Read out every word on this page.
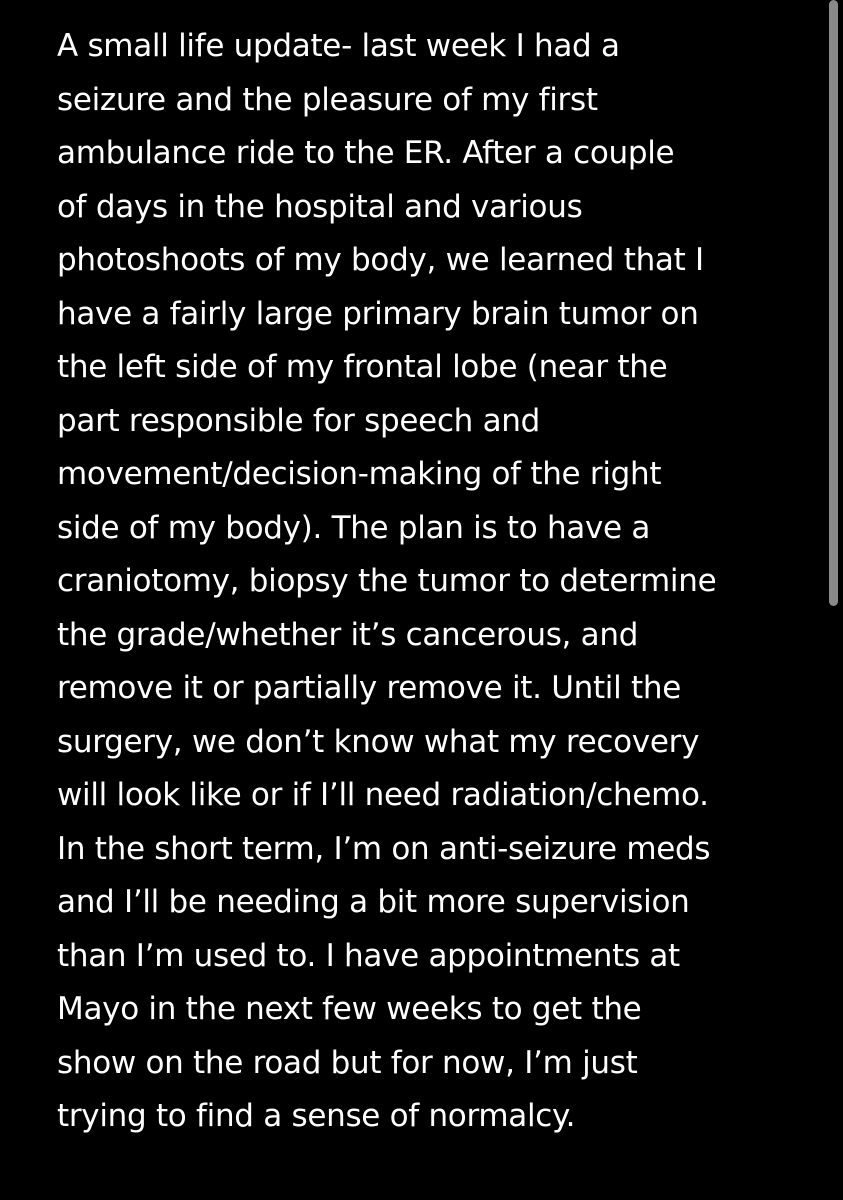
A small life update- last week I had a
seizure and the pleasure of my first
ambulance ride to the ER. After a couple
of days in the hospital and various
photoshoots of my body, we learned that I
have a fairly large primary brain tumor on
the left side of my frontal lobe (near the
part responsible for speech and
movement/decision-making of the right
side of my body). The plan is to have a
craniotomy, biopsy the tumor to determine
the grade/whether it’s cancerous, and
remove it or partially remove it. Until the
surgery, we don’t know what my recovery
will look like or if I’ll need radiation/chemo.
In the short term, I’m on anti-seizure meds
and I’ll be needing a bit more supervision
than I’m used to. I have appointments at
Mayo in the next few weeks to get the
show on the road but for now, I’m just
trying to find a sense of normalcy.
